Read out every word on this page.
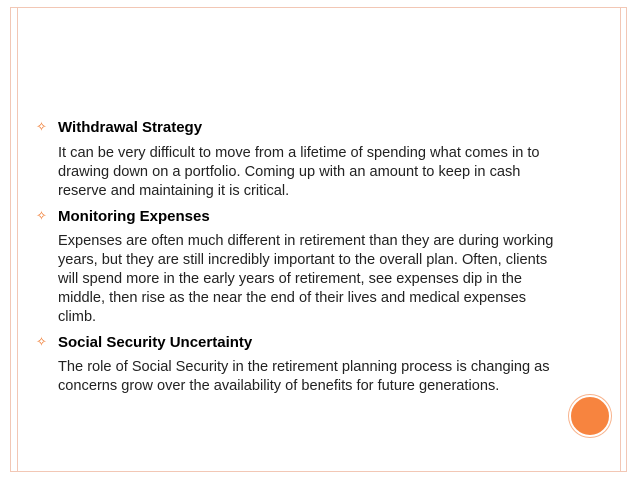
✧ Withdrawal Strategy

It can be very difficult to move from a lifetime of spending what comes in to drawing down on a portfolio. Coming up with an amount to keep in cash reserve and maintaining it is critical.

✧ Monitoring Expenses

Expenses are often much different in retirement than they are during working years, but they are still incredibly important to the overall plan. Often, clients will spend more in the early years of retirement, see expenses dip in the middle, then rise as the near the end of their lives and medical expenses climb.

✧ Social Security Uncertainty

The role of Social Security in the retirement planning process is changing as concerns grow over the availability of benefits for future generations.
